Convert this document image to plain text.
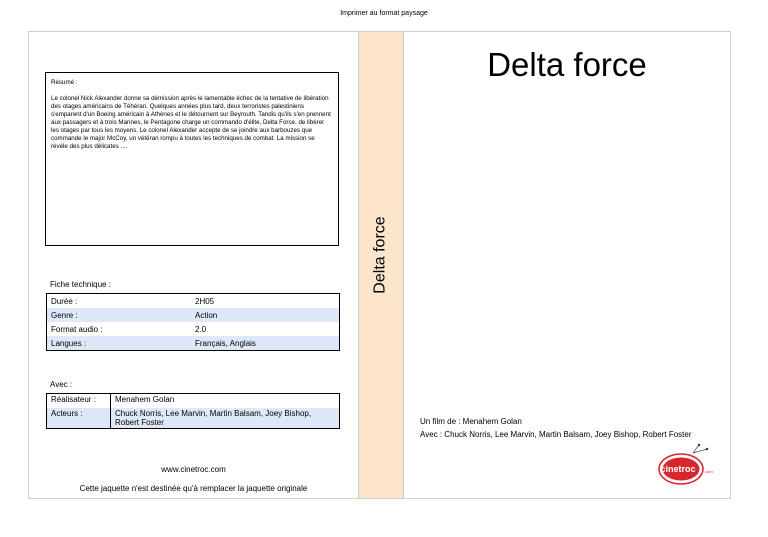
Imprimer au format paysage
Résumé :
Le colonel Nick Alexander donne sa démission après le lamentable échec de la tentative de libération des otages américains de Téhéran. Quelques années plus tard, deux terroristes palestiniens s'emparent d'un Boeing américain à Athènes et le détournent sur Beyrouth. Tandis qu'ils s'en prennent aux passagers et à trois Marines, le Pentagone charge un commando d'élite, Delta Force, de libérer les otages par tous les moyens. Le colonel Alexander accepte de se joindre aux barbouzes que commande le major McCoy, un vétéran rompu à toutes les techniques de combat. La mission se révèle des plus délicates ....
Fiche technique :
Durée :	2H05
Genre :	Action
Format audio :	2.0
Langues :	Français, Anglais
Avec :
Réalisateur :	Menahem Golan
Acteurs :	Chuck Norris, Lee Marvin, Martin Balsam, Joey Bishop, Robert Foster
www.cinetroc.com
Cette jaquette n'est destinée qu'à remplacer la jaquette originale
Delta force
Delta force
Un film de : Menahem Golan
Avec : Chuck Norris, Lee Marvin, Martin Balsam, Joey Bishop, Robert Foster
cinetroc .com
